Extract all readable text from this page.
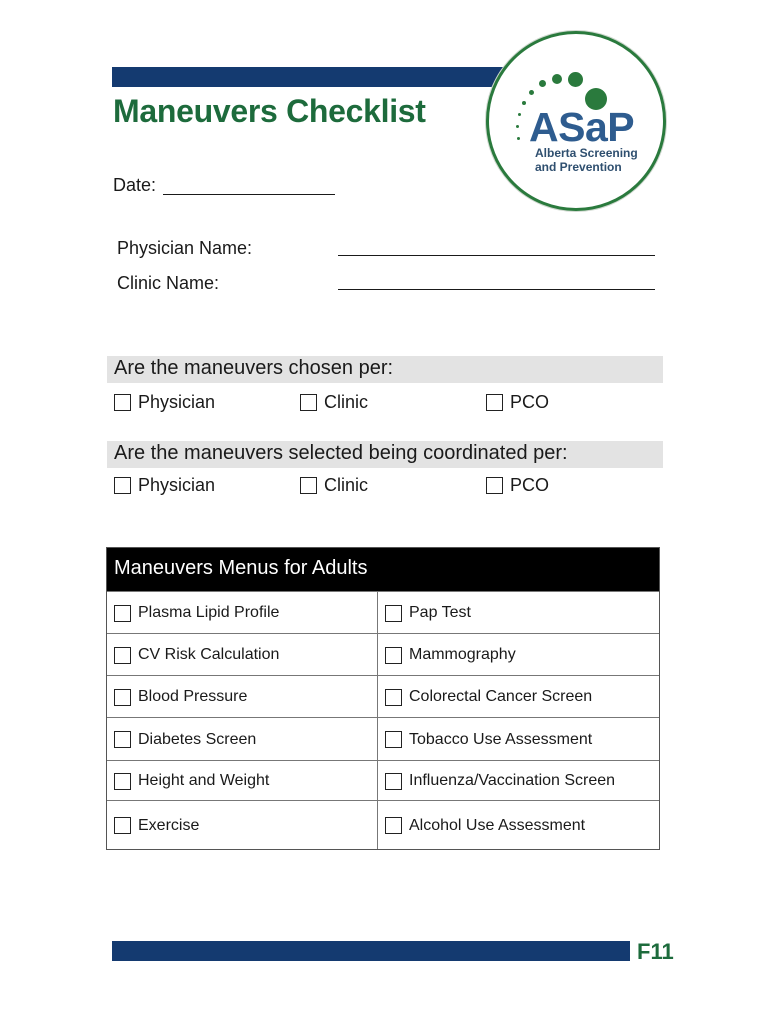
Maneuvers Checklist	ASaP
Alberta Screening
and Prevention
Date:
Physician Name:
Clinic Name:
Are the maneuvers chosen per:
Physician	Clinic	PCO
Are the maneuvers selected being coordinated per:
Physician	Clinic	PCO
Maneuvers Menus for Adults
Plasma Lipid Profile	Pap Test
CV Risk Calculation	Mammography
Blood Pressure	Colorectal Cancer Screen
Diabetes Screen	Tobacco Use Assessment
Height and Weight	Influenza/Vaccination Screen
Exercise	Alcohol Use Assessment
F11
